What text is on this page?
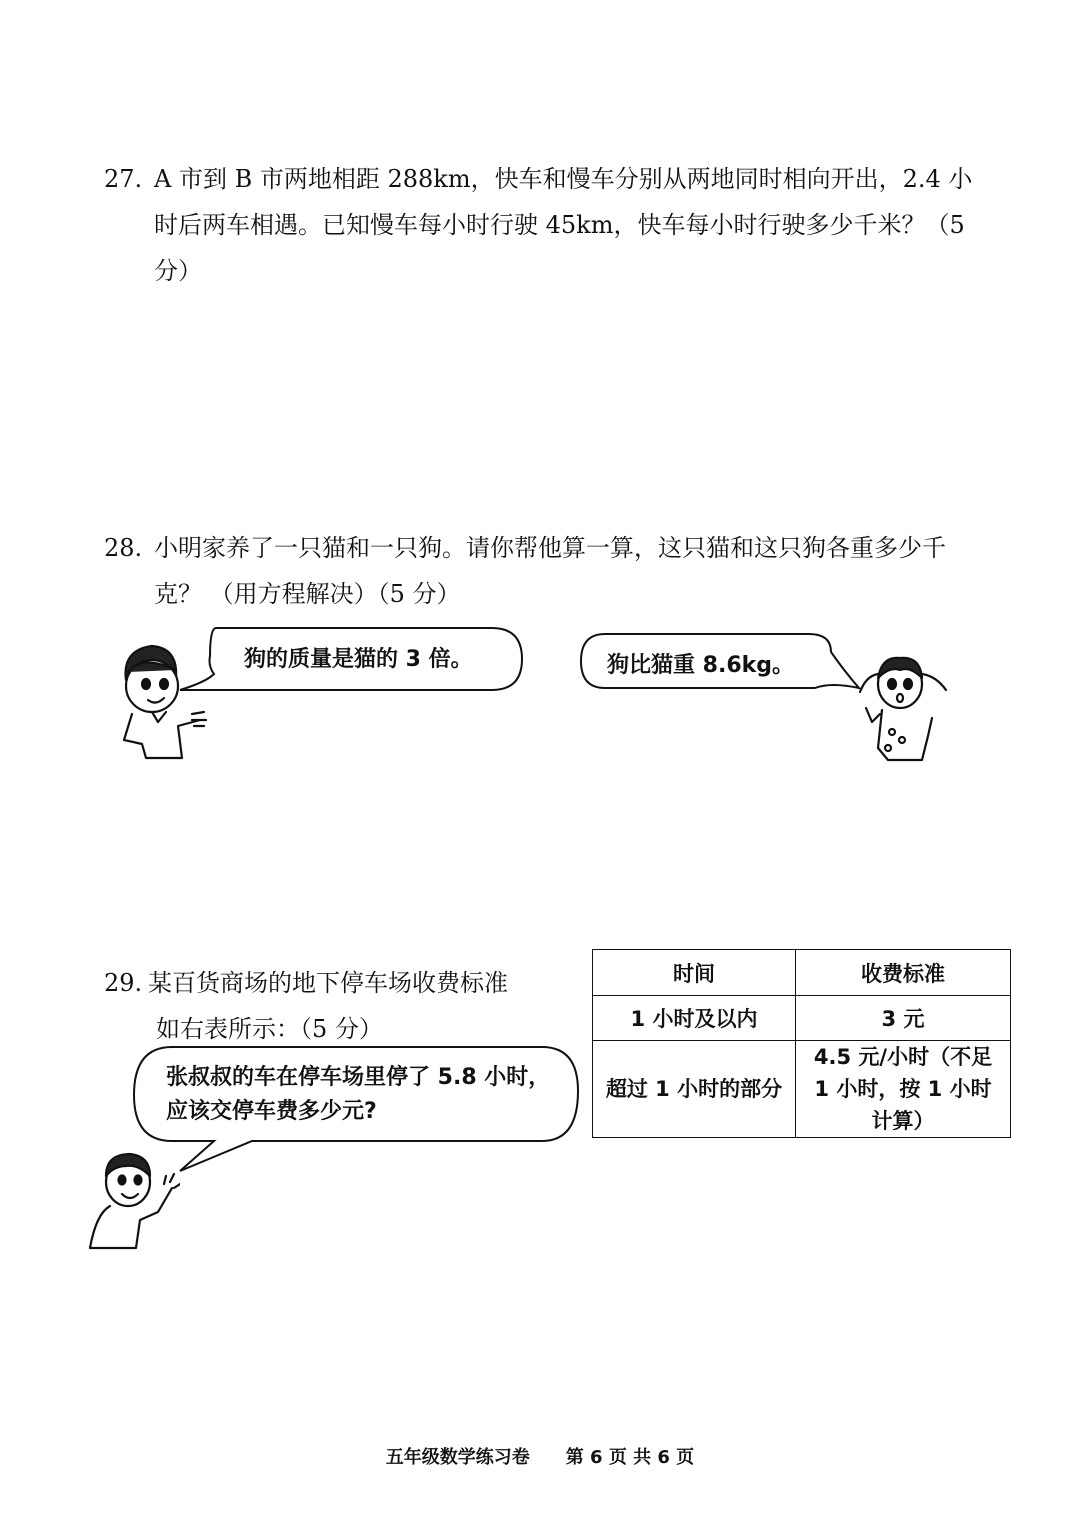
27. A 市到 B 市两地相距 288km，快车和慢车分别从两地同时相向开出，2.4 小时后两车相遇。已知慢车每小时行驶 45km，快车每小时行驶多少千米？（5 分）
28. 小明家养了一只猫和一只狗。请你帮他算一算，这只猫和这只狗各重多少千克？ （用方程解决）（5 分）
狗的质量是猫的 3 倍。	狗比猫重 8.6kg。
29. 某百货商场的地下停车场收费标准
如右表所示：（5 分）
张叔叔的车在停车场里停了 5.8 小时，应该交停车费多少元?
时间	收费标准
1 小时及以内	3 元
超过 1 小时的部分	4.5 元/小时（不足 1 小时，按 1 小时计算）
五年级数学练习卷　　第 6 页 共 6 页
